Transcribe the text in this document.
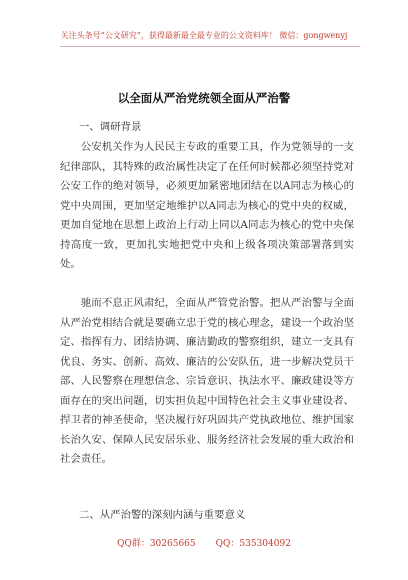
关注头条号“公文研究”，获得最新最全最专业的公文资料库！ 微信：gongwenyj
以全面从严治党统领全面从严治警
一、调研背景

公安机关作为人民民主专政的重要工具，作为党领导的一支纪律部队，其特殊的政治属性决定了在任何时候都必须坚持党对公安工作的绝对领导，必须更加紧密地团结在以A同志为核心的党中央周围，更加坚定地维护以A同志为核心的党中央的权威，更加自觉地在思想上政治上行动上同以A同志为核心的党中央保持高度一致，更加扎实地把党中央和上级各项决策部署落到实处。

驰而不息正风肃纪，全面从严管党治警。把从严治警与全面从严治党相结合就是要确立忠于党的核心理念，建设一个政治坚定、指挥有力、团结协调、廉洁勤政的警察组织，建立一支具有优良、务实、创新、高效、廉洁的公安队伍，进一步解决党员干部、人民警察在理想信念、宗旨意识、执法水平、廉政建设等方面存在的突出问题，切实担负起中国特色社会主义事业建设者、捍卫者的神圣使命，坚决履行好巩固共产党执政地位、维护国家长治久安、保障人民安居乐业、服务经济社会发展的重大政治和社会责任。

二、从严治警的深刻内涵与重要意义
QQ群：30265665 QQ：535304092
